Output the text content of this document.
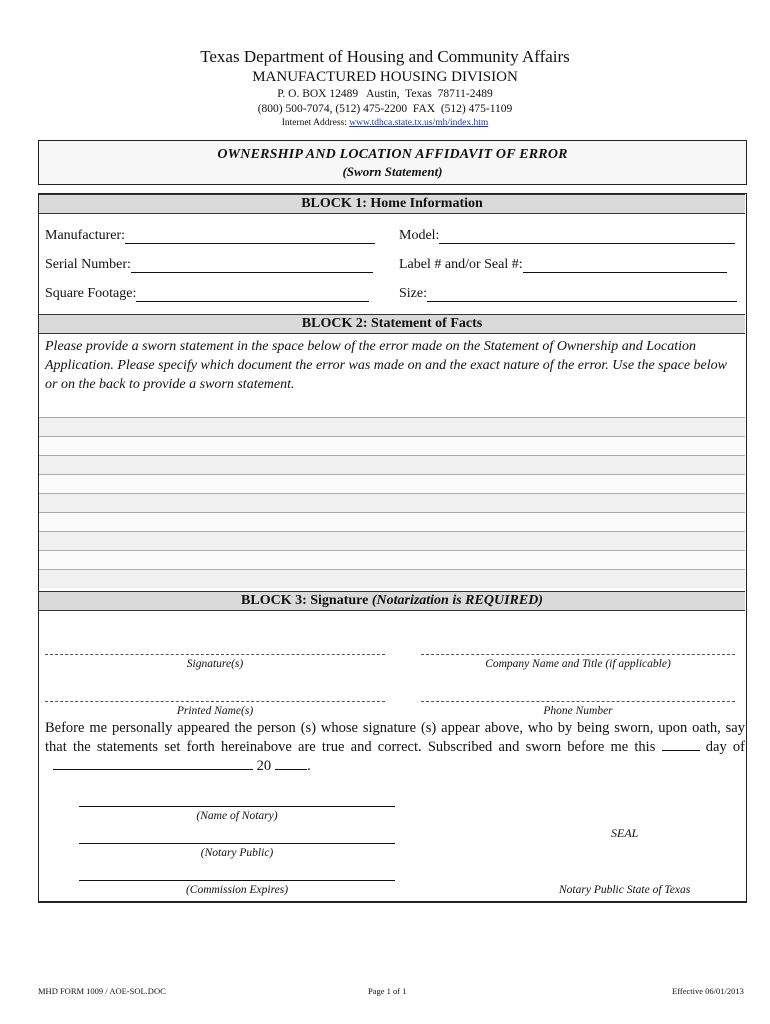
Texas Department of Housing and Community Affairs
MANUFACTURED HOUSING DIVISION
P. O. BOX 12489   Austin,  Texas  78711-2489
(800) 500-7074, (512) 475-2200  FAX  (512) 475-1109
Internet Address: www.tdhca.state.tx.us/mh/index.htm
OWNERSHIP AND LOCATION AFFIDAVIT OF ERROR
(Sworn Statement)
BLOCK 1: Home Information
Manufacturer:	Model:
Serial Number:	Label # and/or Seal #:
Square Footage:	Size:
BLOCK 2: Statement of Facts
Please provide a sworn statement in the space below of the error made on the Statement of Ownership and Location Application. Please specify which document the error was made on and the exact nature of the error. Use the space below or on the back to provide a sworn statement.
BLOCK 3: Signature (Notarization is REQUIRED)
Signature(s)	Company Name and Title (if applicable)
Printed Name(s)	Phone Number
Before me personally appeared the person (s) whose signature (s) appear above, who by being sworn, upon oath, say that the statements set forth hereinabove are true and correct. Subscribed and sworn before me this	day of  20 .
(Name of Notary)
(Notary Public)
(Commission Expires)
SEAL
Notary Public State of Texas
MHD FORM 1009 / AOE-SOL.DOC	Page 1 of 1	Effective 06/01/2013
